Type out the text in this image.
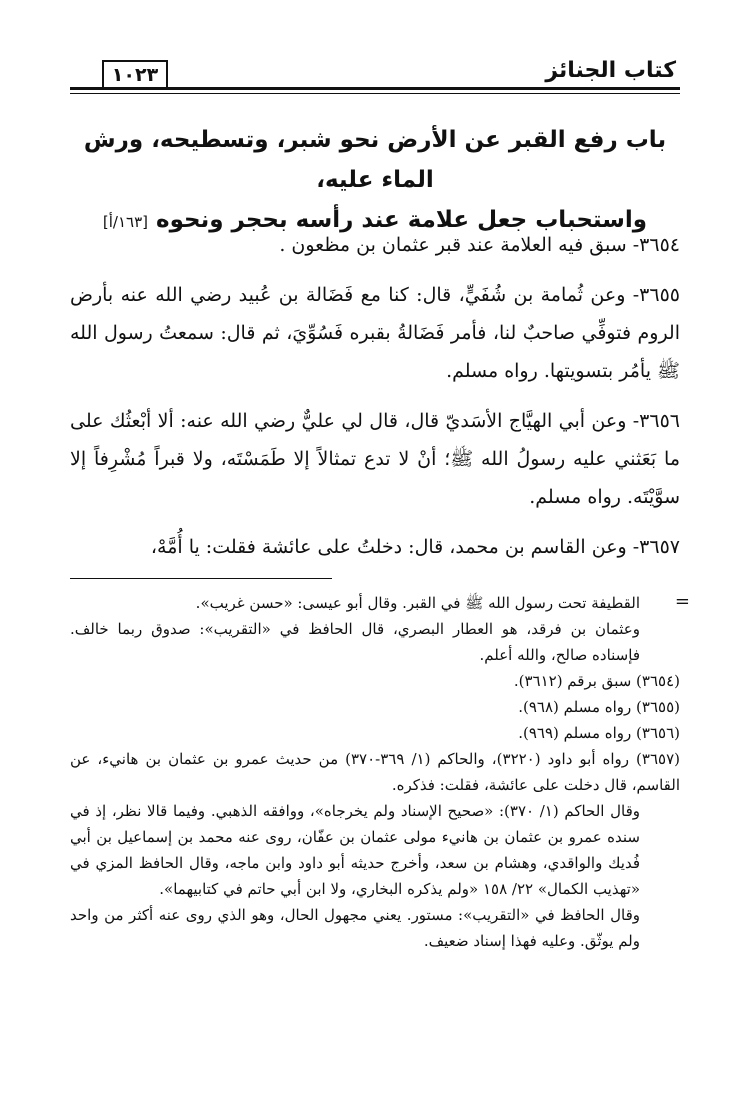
١٠٢٣	كتاب الجنائز
باب رفع القبر عن الأرض نحو شبر، وتسطيحه، ورش الماء عليه،
واستحباب جعل علامة عند رأسه بحجر ونحوه [١٦٣/أ]

٣٦٥٤- سبق فيه العلامة عند قبر عثمان بن مظعون .

٣٦٥٥- وعن ثُمامة بن شُفَيٍّ، قال: كنا مع فَضَالة بن عُبيد رضي الله عنه بأرض الروم فتوفِّي صاحبٌ لنا، فأمر فَضَالةُ بقبره فَسُوِّيَ، ثم قال: سمعتُ رسول الله ﷺ يأمُر بتسويتها. رواه مسلم.

٣٦٥٦- وعن أبي الهيَّاج الأسَديّ قال، قال لي عليٌّ رضي الله عنه: ألا أبْعثُك على ما بَعَثني عليه رسولُ الله ﷺ؛ أنْ لا تدع تمثالاً إلا طَمَسْتَه، ولا قبراً مُشْرِفاً إلا سوَّيْتَه. رواه مسلم.

٣٦٥٧- وعن القاسم بن محمد، قال: دخلتُ على عائشة فقلت: يا أُمَّهْ،

=

القطيفة تحت رسول الله ﷺ في القبر. وقال أبو عيسى: «حسن غريب».

وعثمان بن فرقد، هو العطار البصري، قال الحافظ في «التقريب»: صدوق ربما خالف. فإسناده صالح، والله أعلم.

(٣٦٥٤) سبق برقم (٣٦١٢).

(٣٦٥٥) رواه مسلم (٩٦٨).

(٣٦٥٦) رواه مسلم (٩٦٩).

(٣٦٥٧) رواه أبو داود (٣٢٢٠)، والحاكم (١/ ٣٦٩-٣٧٠) من حديث عمرو بن عثمان بن هانيء، عن القاسم، قال دخلت على عائشة، فقلت: فذكره.

وقال الحاكم (١/ ٣٧٠): «صحيح الإسناد ولم يخرجاه»، ووافقه الذهبي. وفيما قالا نظر، إذ في سنده عمرو بن عثمان بن هانيء مولى عثمان بن عفّان، روى عنه محمد بن إسماعيل بن أبي فُديك والواقدي، وهشام بن سعد، وأخرج حديثه أبو داود وابن ماجه، وقال الحافظ المزي في «تهذيب الكمال» ٢٢/ ١٥٨ «ولم يذكره البخاري، ولا ابن أبي حاتم في كتابيهما».

وقال الحافظ في «التقريب»: مستور. يعني مجهول الحال، وهو الذي روى عنه أكثر من واحد ولم يوثّق. وعليه فهذا إسناد ضعيف.
